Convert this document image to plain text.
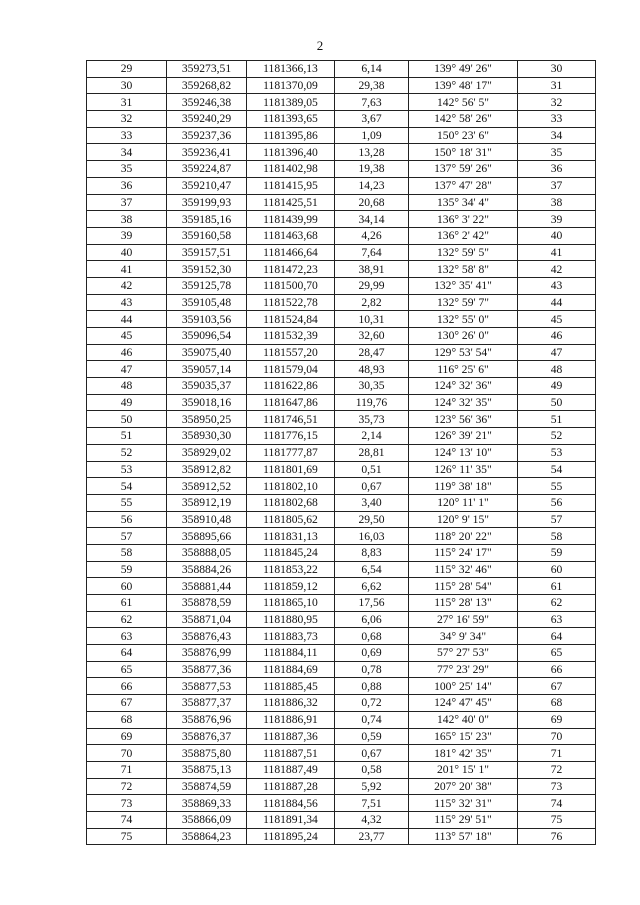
2
29	359273,51	1181366,13	6,14	139° 49' 26"	30
30	359268,82	1181370,09	29,38	139° 48' 17"	31
31	359246,38	1181389,05	7,63	142° 56' 5"	32
32	359240,29	1181393,65	3,67	142° 58' 26"	33
33	359237,36	1181395,86	1,09	150° 23' 6"	34
34	359236,41	1181396,40	13,28	150° 18' 31"	35
35	359224,87	1181402,98	19,38	137° 59' 26"	36
36	359210,47	1181415,95	14,23	137° 47' 28"	37
37	359199,93	1181425,51	20,68	135° 34' 4"	38
38	359185,16	1181439,99	34,14	136° 3' 22"	39
39	359160,58	1181463,68	4,26	136° 2' 42"	40
40	359157,51	1181466,64	7,64	132° 59' 5"	41
41	359152,30	1181472,23	38,91	132° 58' 8"	42
42	359125,78	1181500,70	29,99	132° 35' 41"	43
43	359105,48	1181522,78	2,82	132° 59' 7"	44
44	359103,56	1181524,84	10,31	132° 55' 0"	45
45	359096,54	1181532,39	32,60	130° 26' 0"	46
46	359075,40	1181557,20	28,47	129° 53' 54"	47
47	359057,14	1181579,04	48,93	116° 25' 6"	48
48	359035,37	1181622,86	30,35	124° 32' 36"	49
49	359018,16	1181647,86	119,76	124° 32' 35"	50
50	358950,25	1181746,51	35,73	123° 56' 36"	51
51	358930,30	1181776,15	2,14	126° 39' 21"	52
52	358929,02	1181777,87	28,81	124° 13' 10"	53
53	358912,82	1181801,69	0,51	126° 11' 35"	54
54	358912,52	1181802,10	0,67	119° 38' 18"	55
55	358912,19	1181802,68	3,40	120° 11' 1"	56
56	358910,48	1181805,62	29,50	120° 9' 15"	57
57	358895,66	1181831,13	16,03	118° 20' 22"	58
58	358888,05	1181845,24	8,83	115° 24' 17"	59
59	358884,26	1181853,22	6,54	115° 32' 46"	60
60	358881,44	1181859,12	6,62	115° 28' 54"	61
61	358878,59	1181865,10	17,56	115° 28' 13"	62
62	358871,04	1181880,95	6,06	27° 16' 59"	63
63	358876,43	1181883,73	0,68	34° 9' 34"	64
64	358876,99	1181884,11	0,69	57° 27' 53"	65
65	358877,36	1181884,69	0,78	77° 23' 29"	66
66	358877,53	1181885,45	0,88	100° 25' 14"	67
67	358877,37	1181886,32	0,72	124° 47' 45"	68
68	358876,96	1181886,91	0,74	142° 40' 0"	69
69	358876,37	1181887,36	0,59	165° 15' 23"	70
70	358875,80	1181887,51	0,67	181° 42' 35"	71
71	358875,13	1181887,49	0,58	201° 15' 1"	72
72	358874,59	1181887,28	5,92	207° 20' 38"	73
73	358869,33	1181884,56	7,51	115° 32' 31"	74
74	358866,09	1181891,34	4,32	115° 29' 51"	75
75	358864,23	1181895,24	23,77	113° 57' 18"	76
